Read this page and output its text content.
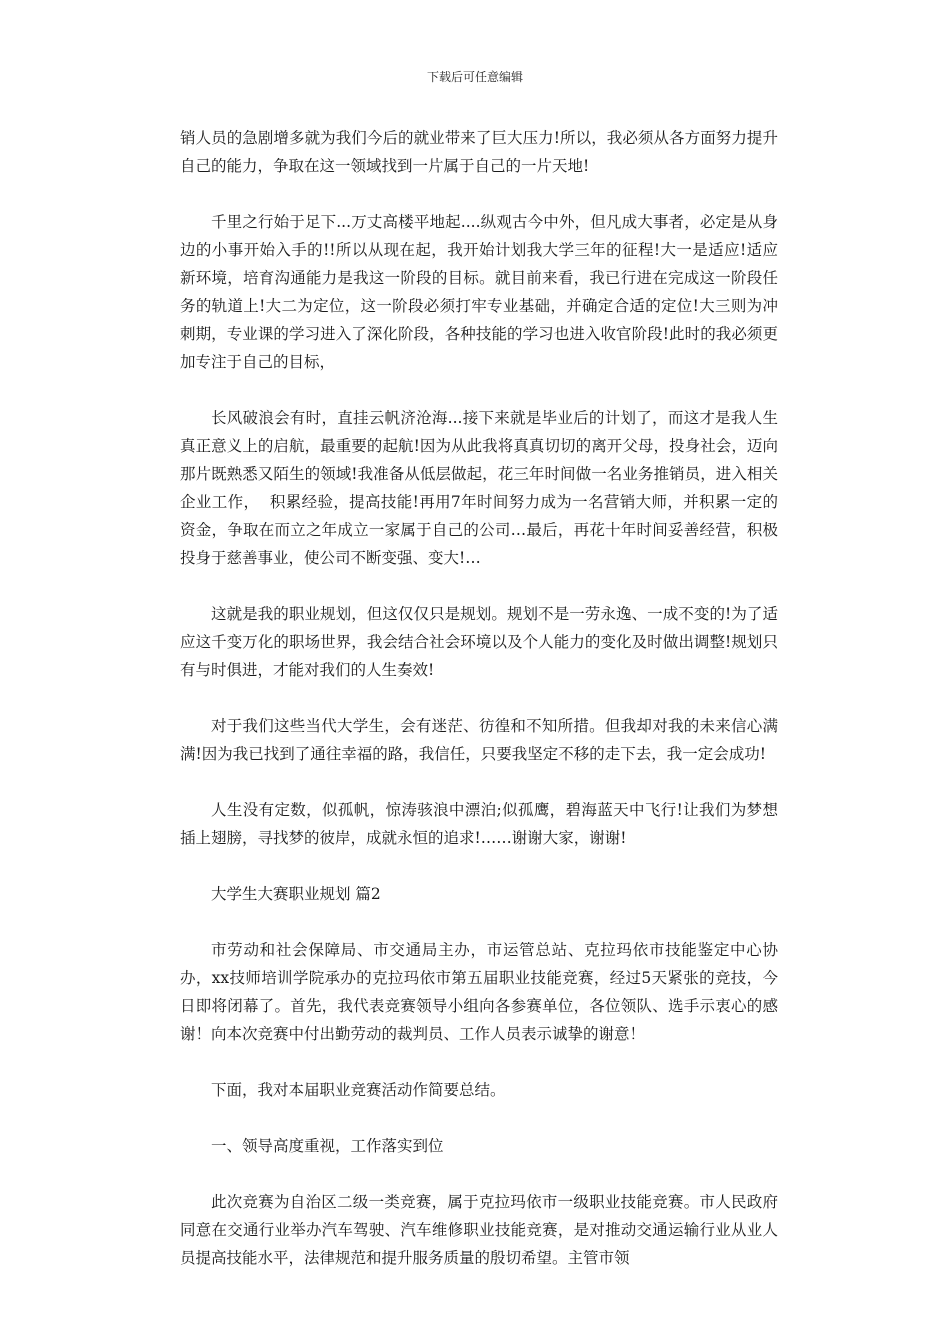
下载后可任意编辑

销人员的急剧增多就为我们今后的就业带来了巨大压力!所以，我必须从各方面努力提升自己的能力，争取在这一领域找到一片属于自己的一片天地!

千里之行始于足下...万丈高楼平地起....纵观古今中外，但凡成大事者，必定是从身边的小事开始入手的!!所以从现在起，我开始计划我大学三年的征程!大一是适应!适应新环境，培育沟通能力是我这一阶段的目标。就目前来看，我已行进在完成这一阶段任务的轨道上!大二为定位，这一阶段必须打牢专业基础，并确定合适的定位!大三则为冲刺期，专业课的学习进入了深化阶段，各种技能的学习也进入收官阶段!此时的我必须更加专注于自己的目标，

长风破浪会有时，直挂云帆济沧海...接下来就是毕业后的计划了，而这才是我人生真正意义上的启航，最重要的起航!因为从此我将真真切切的离开父母，投身社会，迈向那片既熟悉又陌生的领域!我准备从低层做起，花三年时间做一名业务推销员，进入相关企业工作，  积累经验，提高技能!再用7年时间努力成为一名营销大师，并积累一定的资金，争取在而立之年成立一家属于自己的公司…最后，再花十年时间妥善经营，积极投身于慈善事业，使公司不断变强、变大!…

这就是我的职业规划，但这仅仅只是规划。规划不是一劳永逸、一成不变的!为了适应这千变万化的职场世界，我会结合社会环境以及个人能力的变化及时做出调整!规划只有与时俱进，才能对我们的人生奏效!

对于我们这些当代大学生，会有迷茫、彷徨和不知所措。但我却对我的未来信心满满!因为我已找到了通往幸福的路，我信任，只要我坚定不移的走下去，我一定会成功!

人生没有定数，似孤帆，惊涛骇浪中漂泊;似孤鹰，碧海蓝天中飞行!让我们为梦想插上翅膀，寻找梦的彼岸，成就永恒的追求!……谢谢大家，谢谢!

大学生大赛职业规划 篇2

市劳动和社会保障局、市交通局主办，市运管总站、克拉玛依市技能鉴定中心协办，xx技师培训学院承办的克拉玛依市第五届职业技能竞赛，经过5天紧张的竞技，今日即将闭幕了。首先，我代表竞赛领导小组向各参赛单位，各位领队、选手示衷心的感谢！向本次竞赛中付出勤劳动的裁判员、工作人员表示诚挚的谢意！

下面，我对本届职业竞赛活动作简要总结。

一、领导高度重视，工作落实到位

此次竞赛为自治区二级一类竞赛，属于克拉玛依市一级职业技能竞赛。市人民政府同意在交通行业举办汽车驾驶、汽车维修职业技能竞赛，是对推动交通运输行业从业人员提高技能水平，法律规范和提升服务质量的殷切希望。主管市领
